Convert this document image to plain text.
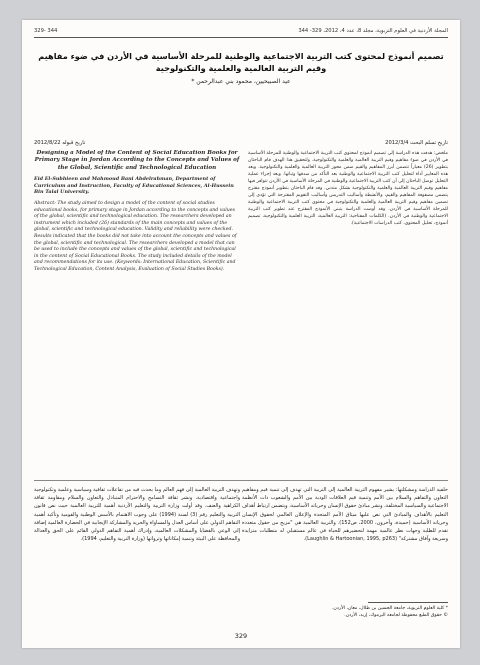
المجلة الأردنية في العلوم التربوية، مجلد 8، عدد 4، 2012، 329- 344
329- 344
تصميم أنموذج لمحتوى كتب التربية الاجتماعية والوطنية للمرحلة الأساسية في الأردن في ضوء مفاهيم وقيم التربية العالمية والعلمية والتكنولوجية
عيد الصبيحيين، محمود بني عبدالرحمن *
تاريخ تسلم البحث 2012/3/4
تاريخ قبوله 2012/8/22
ملخص: هدفت هذه الدراسة إلى تصميم أنموذج لمحتوى كتب التربية الاجتماعية والوطنية للمرحلة الأساسية في الأردن في ضوء مفاهيم وقيم التربية العالمية والعلمية والتكنولوجية. ولتحقيق هذا الهدف قام الباحثان بتطوير (26) معياراً تتضمن أبرز المفاهيم والقيم ضمن محور التربية العالمية والعلمية والتكنولوجية. وبعد هذه المعايير أداة لتحليل كتب التربية الاجتماعية والوطنية بعد التأكد من صدقها وثباتها. وبعد إجراء عملية التحليل توصل الباحثان إلى أن كتب التربية الاجتماعية والوطنية في المرحلة الأساسية في الأردن تتوافر فيها مفاهيم وقيم التربية العالمية والعلمية والتكنولوجية بشكل متدني. وقد قام الباحثان بتطوير أنموذج مقترح يتضمن مصفوفة المفاهيم والقيم، والأنشطة وأساليب التدريس وأساليب التقويم المقترحة التي تؤدي إلى تضمين مفاهيم وقيم التربية العالمية والعلمية والتكنولوجية في محتوى كتب التربية الاجتماعية والوطنية للمرحلة الأساسية في الأردن. وقد أوصت الدراسة بتبني الأنموذج المقترح عند تطوير كتب التربية الاجتماعية والوطنية في الأردن. (الكلمات المفتاحية: التربية العالمية، التربية العلمية والتكنولوجية، تصميم أنموذج، تحليل المحتوى، كتب الدراسات الاجتماعية).
Designing a Model of the Content of Social Education Books for Primary Stage in Jordan According to the Concepts and Values of the Global, Scientific and Technological Education
Eid El-Subhieen and Mahmoud Bani Abdelrahman, Department of Curriculum and Instruction, Faculty of Educational Sciences, Al-Hussein Bin Talal University.
Abstract: The study aimed to design a model of the content of social studies educational books, for primary stage in Jordan according to the concepts and values of the global, scientific and technological education. The researchers developed an instrument which included (26) standards of the main concepts and values of the global, scientific and technological education. Validity and reliability were checked. Results indicated that the books did not take into account the concepts and values of the global, scientific and technological. The researchers developed a model that can be used to include the concepts and values of the global, scientific and technological in the content of Social Educational Books. The study included details of the model and recommendations for its use. (Keywords: International Education, Scientific and Technological Education, Content Analysis, Evaluation of Social Studies Books).
خلفية الدراسة ومشكلتها: يشير مفهوم التربية العالمية إلى التربية التي تهدف إلى تنمية قيم ومفاهيم التعاون والتفاهم والسلام بين الأمم وتنمية قيم العلاقات الودية بين الأمم والشعوب ذات الأنظمة الاجتماعية والسياسية المختلفة، ونشر مبادئ حقوق الإنسان وحرياته الأساسية، ويتضمن ارتباط أهداف التعليم بالأهداف والمبادئ التي نص عليها ميثاق الأمم المتحدة والإعلان العالمي لحقوق الإنسان وحرياته الأساسية (حميدة، وآخرون، 2000، ص152). والتربية العالمية هي "مزيج من حقول متعددة تقدم للطلبة وجهات نظر عالمية مهمة لتحضيرهم للحياة في عالم مستقبلي له متطلبات متزايدة وسريعة وآفاق مشتركة" (Laughlin & Hartoonian, 1995, p263).
وتهدف التربية العالمية إلى فهم العالم وما يحدث فيه من تفاعلات ثقافية وسياسية وعلمية وتكنولوجية واجتماعية واقتصادية، ونشر ثقافة التسامح والاحترام المتبادل والتعاون والسلام ومقاومة ثقافة الكراهية والعنف. وقد أولت وزارة التربية والتعليم الأردنية أهمية للتربية العالمية حيث نص قانون التربية والتعليم رقم (3) لسنة (1994) على وجوب الاهتمام بالأسس الوطنية والقومية وتأكيد أهمية التفاهم الدولي على أساس العدل والمساواة والحرية والمشاركة الإيجابية في الحضارة العالمية إضافة إلى الوعي بالقضايا والمشكلات العالمية، وإدراك أهمية التفاهم الدولي القائم على الحق والعدالة والمحافظة على البيئة وتنمية إمكاناتها وثرواتها (وزارة التربية والتعليم، 1994).
* كلية العلوم التربوية، جامعة الحسين بن طلال، معان، الأردن.
© حقوق الطبع محفوظة لجامعة اليرموك، إربد، الأردن.
329
